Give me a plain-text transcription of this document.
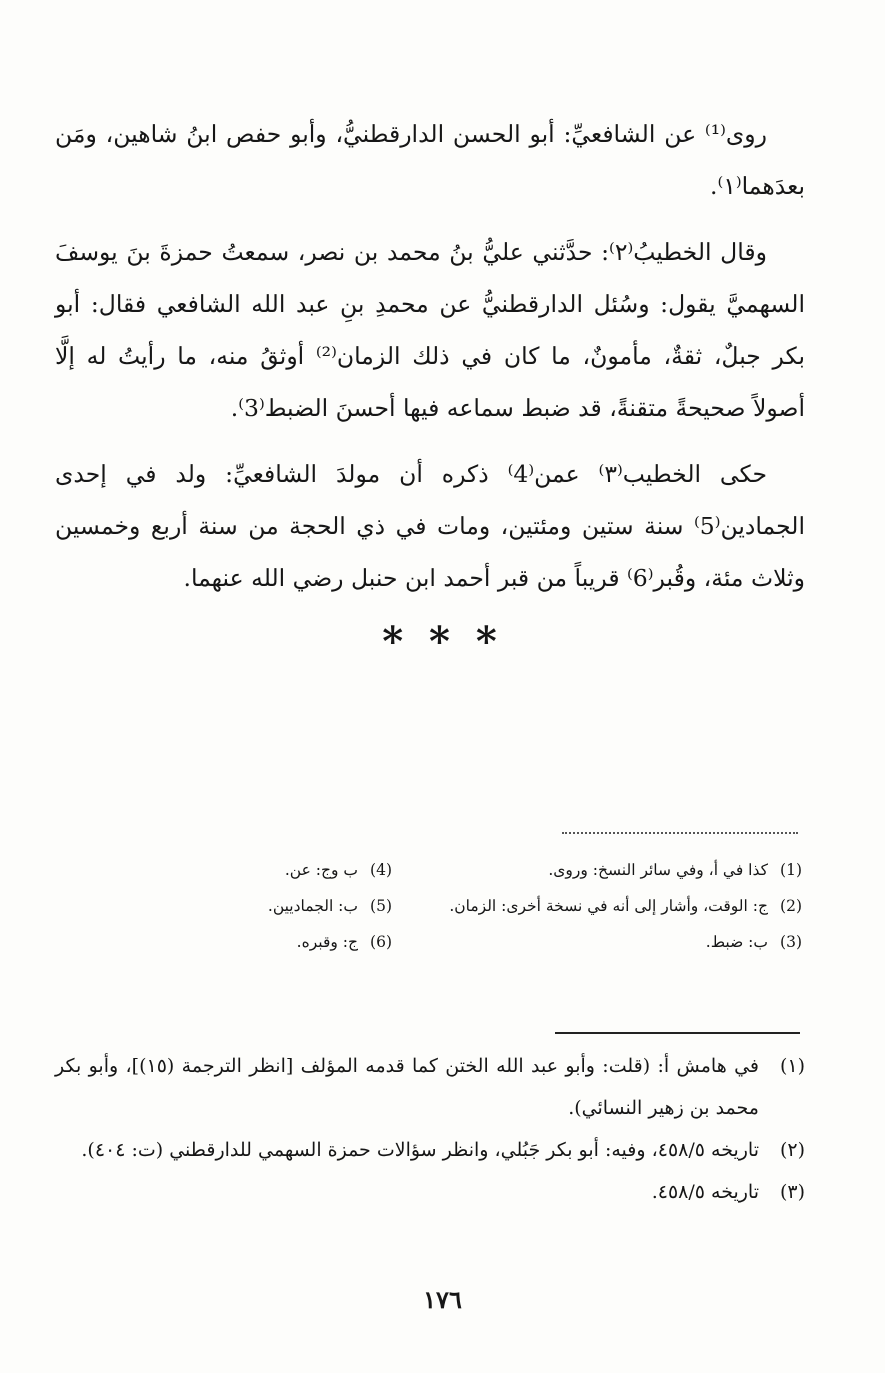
روى⁽¹⁾ عن الشافعيِّ: أبو الحسن الدارقطنيُّ، وأبو حفص ابنُ شاهين، ومَن بعدَهما⁽١⁾.

وقال الخطيبُ⁽٢⁾: حدَّثني عليُّ بنُ محمد بن نصر، سمعتُ حمزةَ بنَ يوسفَ السهميَّ يقول: وسُئل الدارقطنيُّ عن محمدِ بنِ عبد الله الشافعي فقال: أبو بكر جبلٌ، ثقةٌ، مأمونٌ، ما كان في ذلك الزمان⁽²⁾ أوثقُ منه، ما رأيتُ له إلَّا أصولاً صحيحةً متقنةً، قد ضبط سماعه فيها أحسنَ الضبط⁽3⁾.

حكى الخطيب⁽٣⁾ عمن⁽4⁾ ذكره أن مولدَ الشافعيِّ: ولد في إحدى الجمادين⁽5⁾ سنة ستين ومئتين، ومات في ذي الحجة من سنة أربع وخمسين وثلاث مئة، وقُبر⁽6⁾ قريباً من قبر أحمد ابن حنبل رضي الله عنهما.

* * *
(1)
كذا في أ، وفي سائر النسخ: وروى.
(2)
ج: الوقت، وأشار إلى أنه في نسخة أخرى: الزمان.
(3)
ب: ضبط.
(4)
ب وج: عن.
(5)
ب: الجماديين.
(6)
ج: وقبره.
(١)
في هامش أ: (قلت: وأبو عبد الله الختن كما قدمه المؤلف [انظر الترجمة (١٥)]، وأبو بكر محمد بن زهير النسائي).
(٢)
تاريخه ٤٥٨/٥، وفيه: أبو بكر جَبُلي، وانظر سؤالات حمزة السهمي للدارقطني (ت: ٤٠٤).
(٣)
تاريخه ٤٥٨/٥.
١٧٦
